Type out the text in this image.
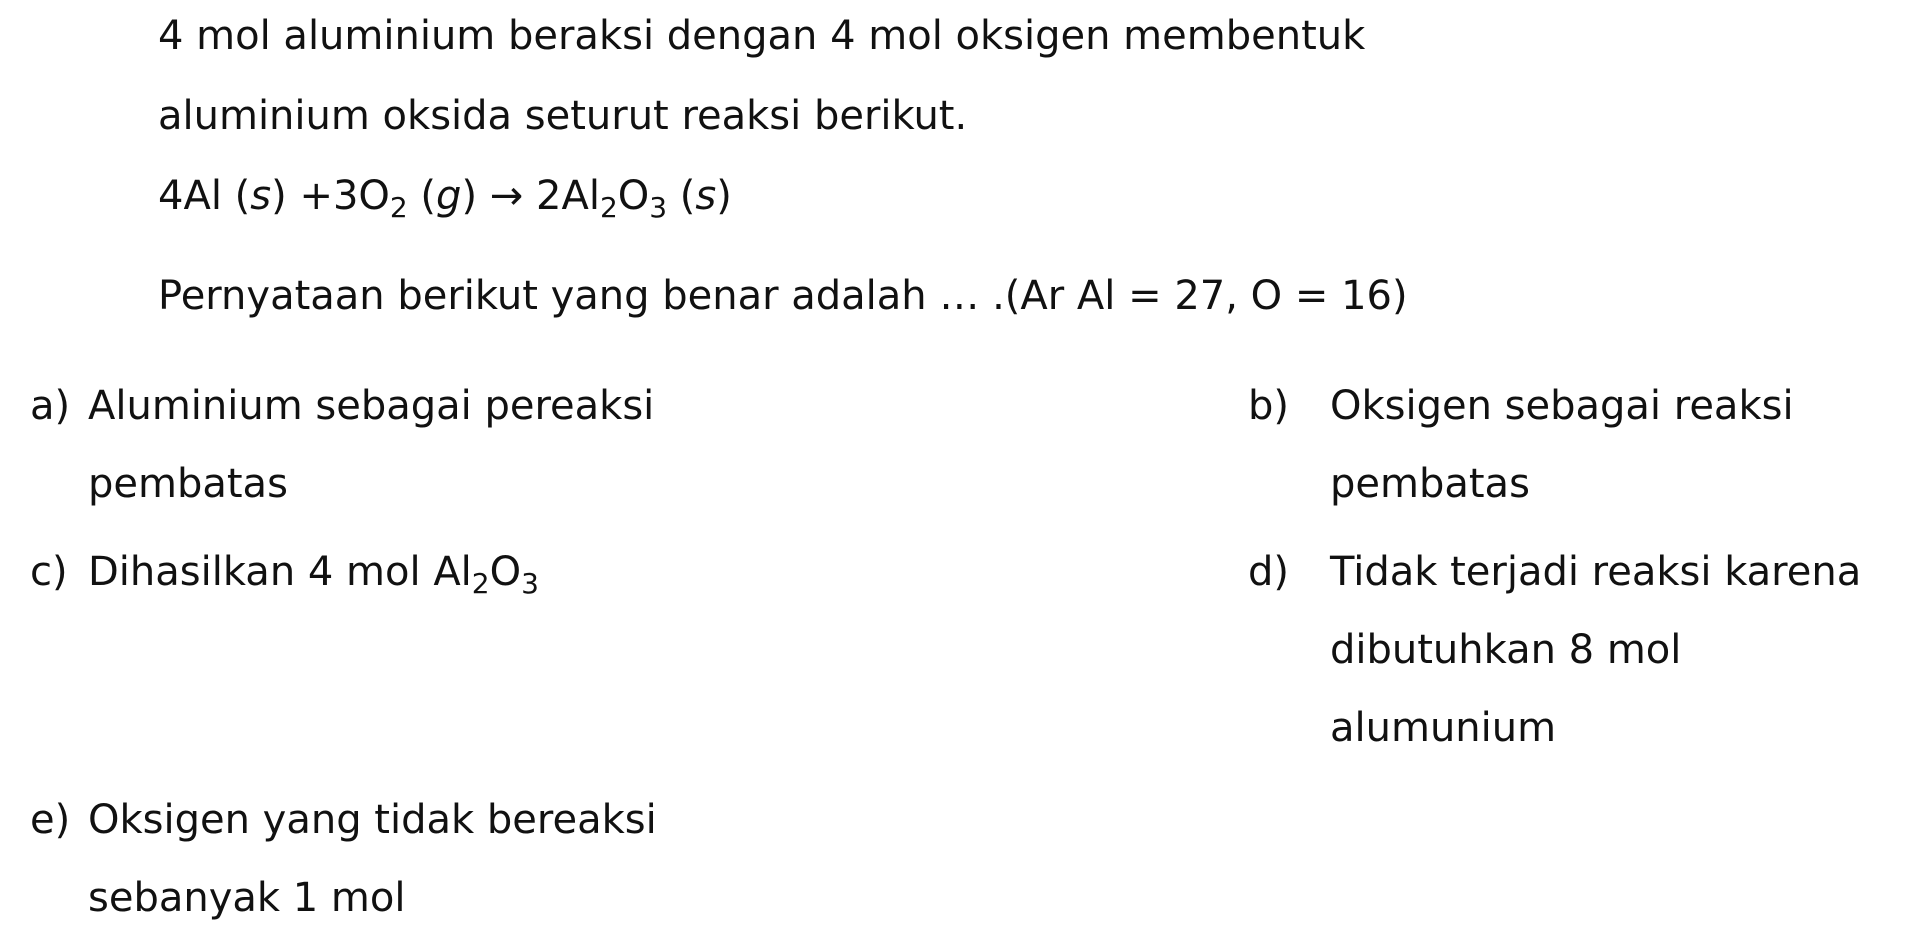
4 mol aluminium beraksi dengan 4 mol oksigen membentuk
aluminium oksida seturut reaksi berikut.
4Al $(s) +3O_2$ $(g) \to 2Al_2O_3$ (s)
Pernyataan berikut yang benar adalah … .(Ar Al = 27, O = 16)
a) Aluminium sebagai pereaksi
pembatas
b) Oksigen sebagai reaksi
pembatas
c) Dihasilkan 4 mol $Al_2O_3$	d) Tidak terjadi reaksi karena
dibutuhkan 8 mol
alumunium
e) Oksigen yang tidak bereaksi
sebanyak 1 mol
